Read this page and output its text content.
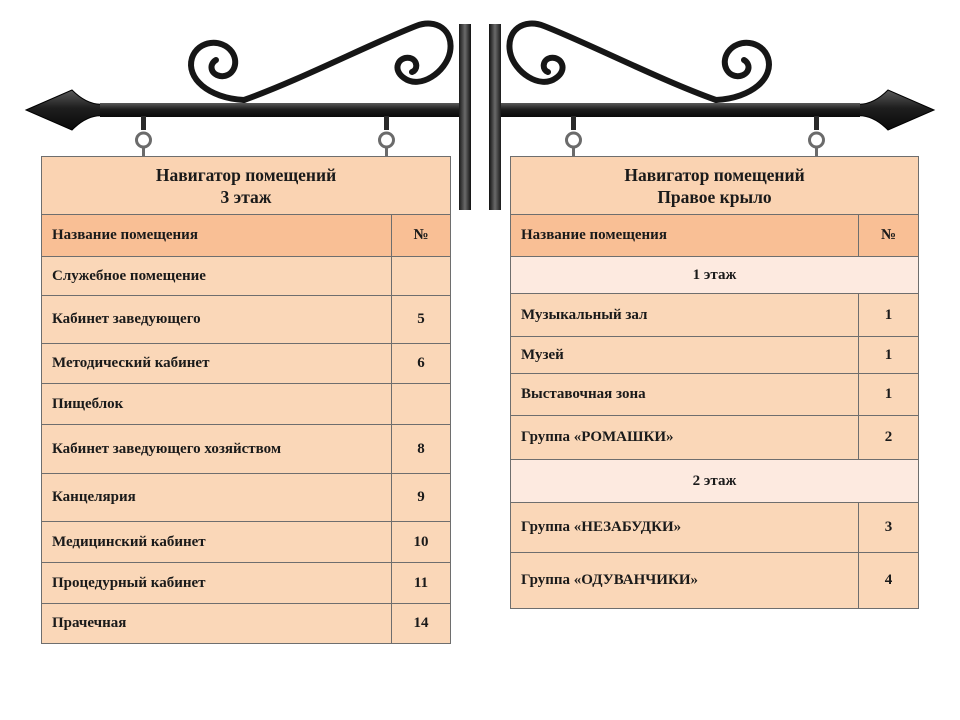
Навигатор помещений
3 этаж	

Название помещения	№
Служебное помещение	
Кабинет заведующего	5
Методический кабинет	6
Пищеблок	
Кабинет заведующего хозяйством	8
Канцелярия	9
Медицинский кабинет	10
Процедурный кабинет	11
Прачечная	14
Навигатор помещений
Правое крыло	

Название помещения	№
1 этаж	
Музыкальный зал	1
Музей	1
Выставочная зона	1
Группа «РОМАШКИ»	2
2 этаж	
Группа «НЕЗАБУДКИ»	3
Группа «ОДУВАНЧИКИ»	4
